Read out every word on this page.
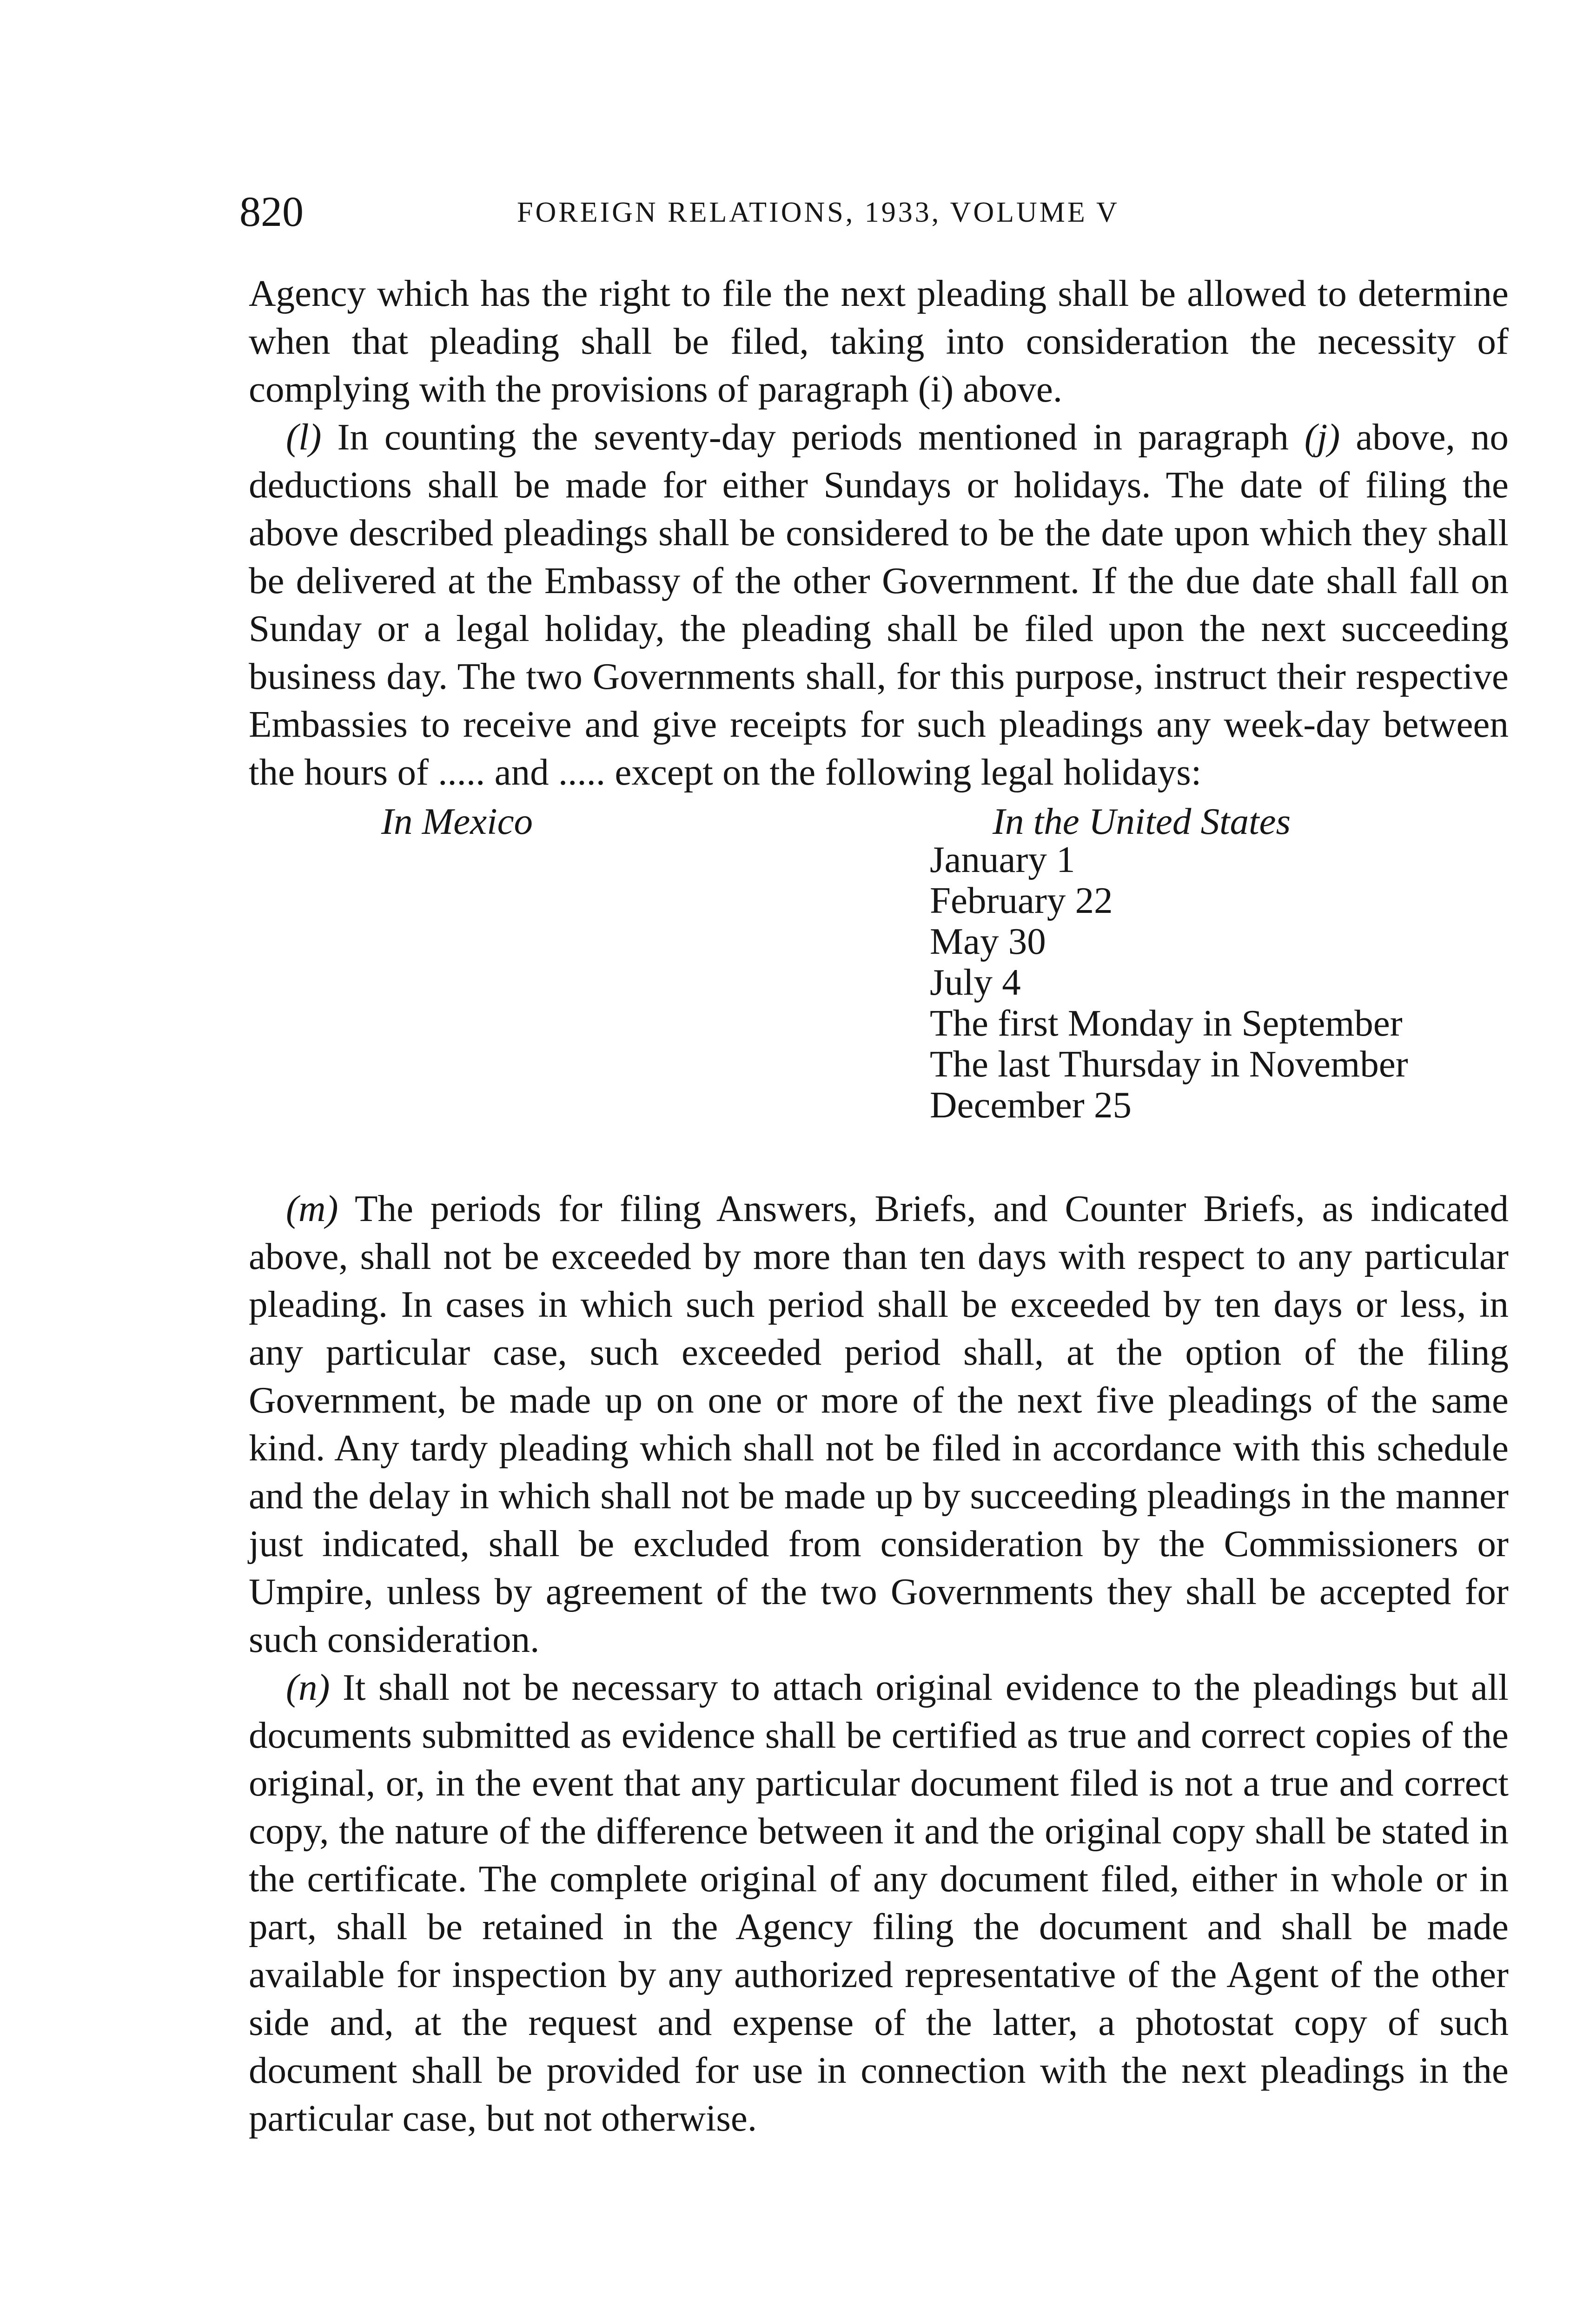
820	FOREIGN RELATIONS, 1933, VOLUME V

Agency which has the right to file the next pleading shall be allowed to determine when that pleading shall be filed, taking into consideration the necessity of complying with the provisions of paragraph (i) above.

(l) In counting the seventy-day periods mentioned in paragraph (j) above, no deductions shall be made for either Sundays or holidays. The date of filing the above described pleadings shall be considered to be the date upon which they shall be delivered at the Embassy of the other Government. If the due date shall fall on Sunday or a legal holiday, the pleading shall be filed upon the next succeeding business day. The two Governments shall, for this purpose, instruct their respective Embassies to receive and give receipts for such pleadings any week-day between the hours of ..... and ..... except on the following legal holidays:

In Mexico	In the United States
January 1
February 22
May 30
July 4
The first Monday in September
The last Thursday in November
December 25

(m) The periods for filing Answers, Briefs, and Counter Briefs, as indicated above, shall not be exceeded by more than ten days with respect to any particular pleading. In cases in which such period shall be exceeded by ten days or less, in any particular case, such exceeded period shall, at the option of the filing Government, be made up on one or more of the next five pleadings of the same kind. Any tardy pleading which shall not be filed in accordance with this schedule and the delay in which shall not be made up by succeeding pleadings in the manner just indicated, shall be excluded from consideration by the Commissioners or Umpire, unless by agreement of the two Governments they shall be accepted for such consideration.

(n) It shall not be necessary to attach original evidence to the pleadings but all documents submitted as evidence shall be certified as true and correct copies of the original, or, in the event that any particular document filed is not a true and correct copy, the nature of the difference between it and the original copy shall be stated in the certificate. The complete original of any document filed, either in whole or in part, shall be retained in the Agency filing the document and shall be made available for inspection by any authorized representative of the Agent of the other side and, at the request and expense of the latter, a photostat copy of such document shall be provided for use in connection with the next pleadings in the particular case, but not otherwise.
